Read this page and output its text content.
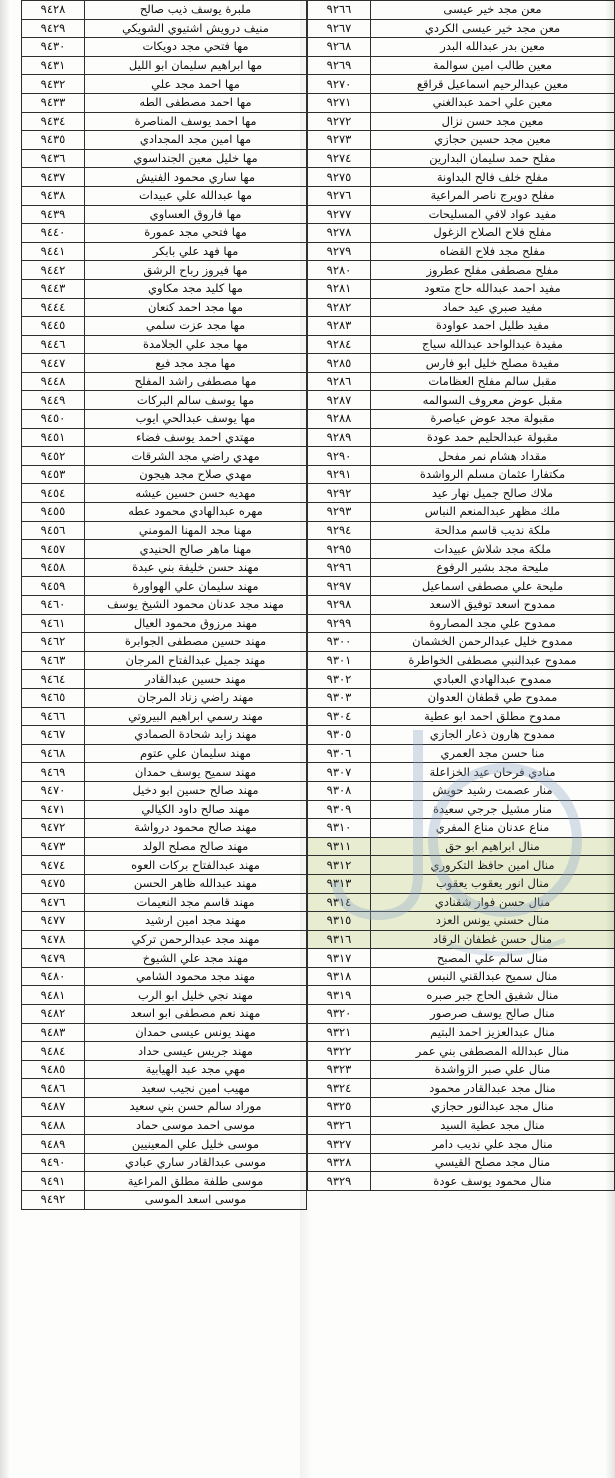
معن مجد خير عيسى	٩٢٦٦
معن مجد خير عيسى الكردي	٩٢٦٧
معين بدر عبدالله البدر	٩٢٦٨
معين طالب امين سوالمة	٩٢٦٩
معين عبدالرحيم اسماعيل قراقع	٩٢٧٠
معين علي احمد عبدالغني	٩٢٧١
معين مجد حسن نزال	٩٢٧٢
معين مجد حسين حجازي	٩٢٧٣
مفلح حمد سليمان البدارين	٩٢٧٤
مفلح خلف فالح البداونة	٩٢٧٥
مفلح دويرج ناصر المراعية	٩٢٧٦
مفيد عواد لافي المسليحات	٩٢٧٧
مفلح فلاح الصلاح الزغول	٩٢٧٨
مفلح مجد فلاح القضاه	٩٢٧٩
مفلح مصطفى مفلح عطروز	٩٢٨٠
مفيد احمد عبدالله حاج متعود	٩٢٨١
مفيد صبري عيد حماد	٩٢٨٢
مفيد طليل احمد عواودة	٩٢٨٣
مفيدة عبدالواحد عبدالله سياج	٩٢٨٤
مفيدة مصلح خليل ابو فارس	٩٢٨٥
مقبل سالم مفلح العظامات	٩٢٨٦
مقبل عوض معروف السوالمه	٩٢٨٧
مقبولة مجد عوض عياصرة	٩٢٨٨
مقبولة عبدالحليم حمد عودة	٩٢٨٩
مقداد هشام نمر مفحل	٩٢٩٠
مكتفارا عثمان مسلم الرواشدة	٩٢٩١
ملاك صالح جميل نهار عيد	٩٢٩٢
ملك مظهر عبدالمنعم النباس	٩٢٩٣
ملكة نديب قاسم مدالحة	٩٢٩٤
ملكة مجد شلاش عبيدات	٩٢٩٥
مليحة مجد بشير الرفوع	٩٢٩٦
مليحة علي مصطفى اسماعيل	٩٢٩٧
ممدوح اسعد توفيق الاسعد	٩٢٩٨
ممدوح علي مجد المصاروة	٩٢٩٩
ممدوح خليل عبدالرحمن الخشمان	٩٣٠٠
ممدوح عبدالنبي مصطفى الخواطرة	٩٣٠١
ممدوح عبدالهادي العبادي	٩٣٠٢
ممدوح طي قطفان العدوان	٩٣٠٣
ممدوح مطلق احمد ابو عطية	٩٣٠٤
ممدوح هارون ذعار الجازي	٩٣٠٥
منا حسن مجد العمري	٩٣٠٦
منادي فرحان عيد الخزاعلة	٩٣٠٧
منار عصمت رشيد حويش	٩٣٠٨
منار مشيل جرجي سعيدة	٩٣٠٩
مناع عدنان مناع المفري	٩٣١٠
منال ابراهيم ابو حق	٩٣١١
منال امين حافظ التكروري	٩٣١٢
منال انور يعقوب يعقوب	٩٣١٣
منال حسن فواز شقنادي	٩٣١٤
منال حسني يونس العزد	٩٣١٥
منال حسن غطفان الرقاد	٩٣١٦
منال سالم علي المصبح	٩٣١٧
منال سميح عبدالقني النبس	٩٣١٨
منال شفيق الحاج جبر صبره	٩٣١٩
منال صالح يوسف صرصور	٩٣٢٠
منال عبدالعزيز احمد البتيم	٩٣٢١
منال عبدالله المصطفى بني عمر	٩٣٢٢
منال علي صبر الزواشدة	٩٣٢٣
منال مجد عبدالقادر محمود	٩٣٢٤
منال مجد عبدالنور حجازي	٩٣٢٥
منال مجد عطية السيد	٩٣٢٦
منال مجد علي نديب دامر	٩٣٢٧
منال مجد مصلح القيسي	٩٣٢٨
منال محمود يوسف عودة	٩٣٢٩
ملبرة يوسف ذيب صالح	٩٤٢٨	
منيف درويش اشتيوي الشويكي	٩٤٢٩	
مها فتحي مجد دويكات	٩٤٣٠	
مها ابراهيم سليمان ابو الليل	٩٤٣١	
مها احمد مجد علي	٩٤٣٢	
مها احمد مصطفى الطه	٩٤٣٣	
مها احمد يوسف المناصرة	٩٤٣٤	
مها امين مجد المجدادي	٩٤٣٥	
مها خليل معين الجنداسوي	٩٤٣٦	
مها ساري محمود الفنيش	٩٤٣٧	
مها عبدالله علي عبيدات	٩٤٣٨	
مها فاروق العساوي	٩٤٣٩	
مها فتحي مجد عمورة	٩٤٤٠	
مها فهد علي بابكر	٩٤٤١	
مها فيروز رباح الرشق	٩٤٤٢	
مها كليد مجد مكاوي	٩٤٤٣	
مها مجد احمد كنعان	٩٤٤٤	
مها مجد عزت سلمي	٩٤٤٥	
مها مجد علي الجلامدة	٩٤٤٦	
مها مجد مجد فيع	٩٤٤٧	
مها مصطفى راشد المفلح	٩٤٤٨	
مها يوسف سالم البركات	٩٤٤٩	
مها يوسف عبدالحي ايوب	٩٤٥٠	
مهتدي احمد يوسف فضاء	٩٤٥١	
مهدي راضي مجد الشرقات	٩٤٥٢	
مهدي صلاح مجد هيجون	٩٤٥٣	
مهديه حسن حسين عيشه	٩٤٥٤	
مهره عبدالهادي محمود عطه	٩٤٥٥	
مهنا مجد المهنا المومني	٩٤٥٦	
مهنا ماهر صالح الحنيدي	٩٤٥٧	
مهند حسن خليفة بني عبدة	٩٤٥٨	
مهند سليمان علي الهواورة	٩٤٥٩	
مهند مجد عدنان محمود الشيخ يوسف	٩٤٦٠	
مهند مرزوق محمود العيال	٩٤٦١	
مهند حسين مصطفى الجوابرة	٩٤٦٢	
مهند جميل عبدالفتاح المرجان	٩٤٦٣	
مهند حسين عبدالقادر	٩٤٦٤	
مهند راضي زناد المرجان	٩٤٦٥	
مهند رسمي ابراهيم البيروتي	٩٤٦٦	
مهند زايد شحادة الصمادي	٩٤٦٧	
مهند سليمان علي عتوم	٩٤٦٨	
مهند سميح يوسف حمدان	٩٤٦٩	
مهند صالح حسين ابو دخيل	٩٤٧٠	
مهند صالح داود الكيالي	٩٤٧١	
مهند صالح محمود درواشة	٩٤٧٢	
مهند صالح مصلح الولد	٩٤٧٣	
مهند عبدالفتاح بركات العوه	٩٤٧٤	
مهند عبدالله ظاهر الحسن	٩٤٧٥	
مهند قاسم مجد النعيمات	٩٤٧٦	
مهند مجد امين ارشيد	٩٤٧٧	
مهند مجد عبدالرحمن تركي	٩٤٧٨	
مهند مجد علي الشيوخ	٩٤٧٩	
مهند مجد محمود الشامي	٩٤٨٠	
مهند نجي خليل ابو الرب	٩٤٨١	
مهند نعم مصطفى ابو اسعد	٩٤٨٢	
مهند يونس عيسى حمدان	٩٤٨٣	
مهند جريس عيسى حداد	٩٤٨٤	
مهي مجد عبد الهيابية	٩٤٨٥	
مهيب امين نجيب سعيد	٩٤٨٦	
موراد سالم حسن بني سعيد	٩٤٨٧	
موسى احمد موسى حماد	٩٤٨٨	
موسى خليل علي المعينيين	٩٤٨٩	
موسى عبدالقادر ساري عبادي	٩٤٩٠	
موسى طلفة مطلق المراعية	٩٤٩١	
موسى اسعد الموسى	٩٤٩٢	
